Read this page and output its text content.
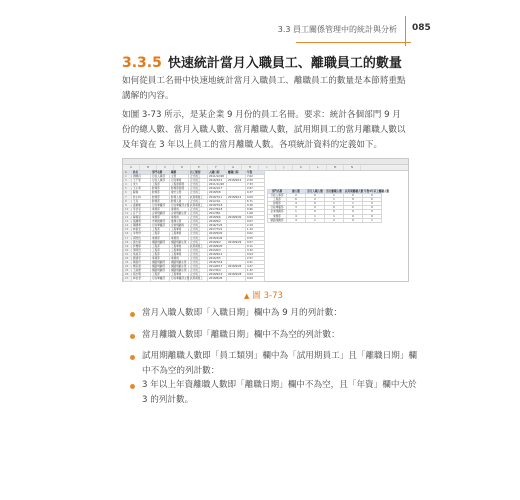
3.3 員工關係管理中的統計與分析 085
3.3.5 快速統計當月入職員工、離職員工的數量
如何從員工名冊中快速地統計當月入職員工、離職員工的數量是本節將重點講解的內容。
如圖 3-73 所示，是某企業 9 月份的員工名冊。要求：統計各個部門 9 月份的總人數、當月入職人數、當月離職人數，試用期員工的當月離職人數以及年資在 3 年以上員工的當月離職人數。各項統計資料的定義如下。
A	B	C	D	E	F	G	H	I	J	K	L	M	N
1	姓名	部門名稱	職稱	員工類別	入職日期	離職日期	年資
2	周曉丹	行政人事部	主管	正式員工	2011/12/28		7.62
3	王千里	行政人事部	行政專員	正式員工	2016/3/12	2018/9/12	2.50
4	朱大	工程部	工程部經理	正式員工	2011/11/28		7.33
5	王小莉	財務部	財務部經理	正式員工	2016/1/17		2.67
6	蘇偉	財務部	會計主管	正式員工	2018/5/8		0.37
7	許小林	財務部	財務人員	試用期員工	2018/7/11	2018/9/12	0.09
8	王亮	財務部	財務人員	正式員工	2012/1/1		6.71
9	盛衡衡	行政專櫃部	行政專櫃部主管	試用期員工	2018/7/18		0.26
10	李洪亮	業務部	業務員	正式員工	2017/9/18		0.96
11	任千芬	企業規劃部	企業規劃主管	正式員工	2017/8/1		1.08
12	韓偉亮	業務部	業務員	正式員工	2018/9/6	2018/9/30	0.00
13	張耀明	市場推廣部	推廣主管	正式員工	2018/9/2		0.07
14	陳國華	行政專櫃部	企業規劃員	正式員工	2016/7/23		2.19
15	林伯安	工程部	工程專員	正式員工	2017/7/21		1.19
16	李秀珍	工程部	工程專員	正式員工	2018/9/20		0.02
17	郭欣怡	業務部	業務員	正式員工	2018/2/26		0.55
18	黃志偉	網路規劃部	網路規劃主管	正式員工	2018/9/2	2018/9/29	0.07
19	許雅婷	工程部	工程專員	試用期員工	2018/8/20		0.11
20	蔡明哲	工程部	工程專員	正式員工	2015/6/3		3.32
21	吳淑芬	工程部	工程專員	正式員工	2018/9/12		0.04
22	劉建宏	業務部	業務員	正式員工	2016/3/5		2.57
23	陳美玲	網路規劃部	網路規劃主管	正式員工	2018/7/16		0.21
24	楊家豪	網路規劃部	網路規劃主管	正式員工	2014/6/17	2018/9/26	4.27
25	王淑惠	網路規劃部	網路規劃主管	正式員工	2017/6/4		1.32
26	張志明	工程部	工程專員	正式員工	2018/9/15	2018/9/28	0.04
27	林怡君	行政專櫃部	行政專櫃部主管	試用期員工	2018/8/26		0.09
部門名稱	總人數	當月入職人數	當月離職人數	試用期離職人數	年資3年以上離職人數
行政人事部	2	0	1	0	0
工程部	6	2	1	0	0
財務部	4	0	1	1	0
行政專櫃部	3	0	0	0	0
企業規劃部	1	0	0	0	0
業務部	4	1	1	0	0
網路規劃部	4	1	2	0	1
▲ 圖 3-73
當月入職人數即「入職日期」欄中為 9 月的列計數：
當月離職人數即「離職日期」欄中不為空的列計數：
試用期離職人數即「員工類別」欄中為「試用期員工」且「離職日期」欄中不為空的列計數：
3 年以上年資離職人數即「離職日期」欄中不為空，且「年資」欄中大於 3 的列計數。
